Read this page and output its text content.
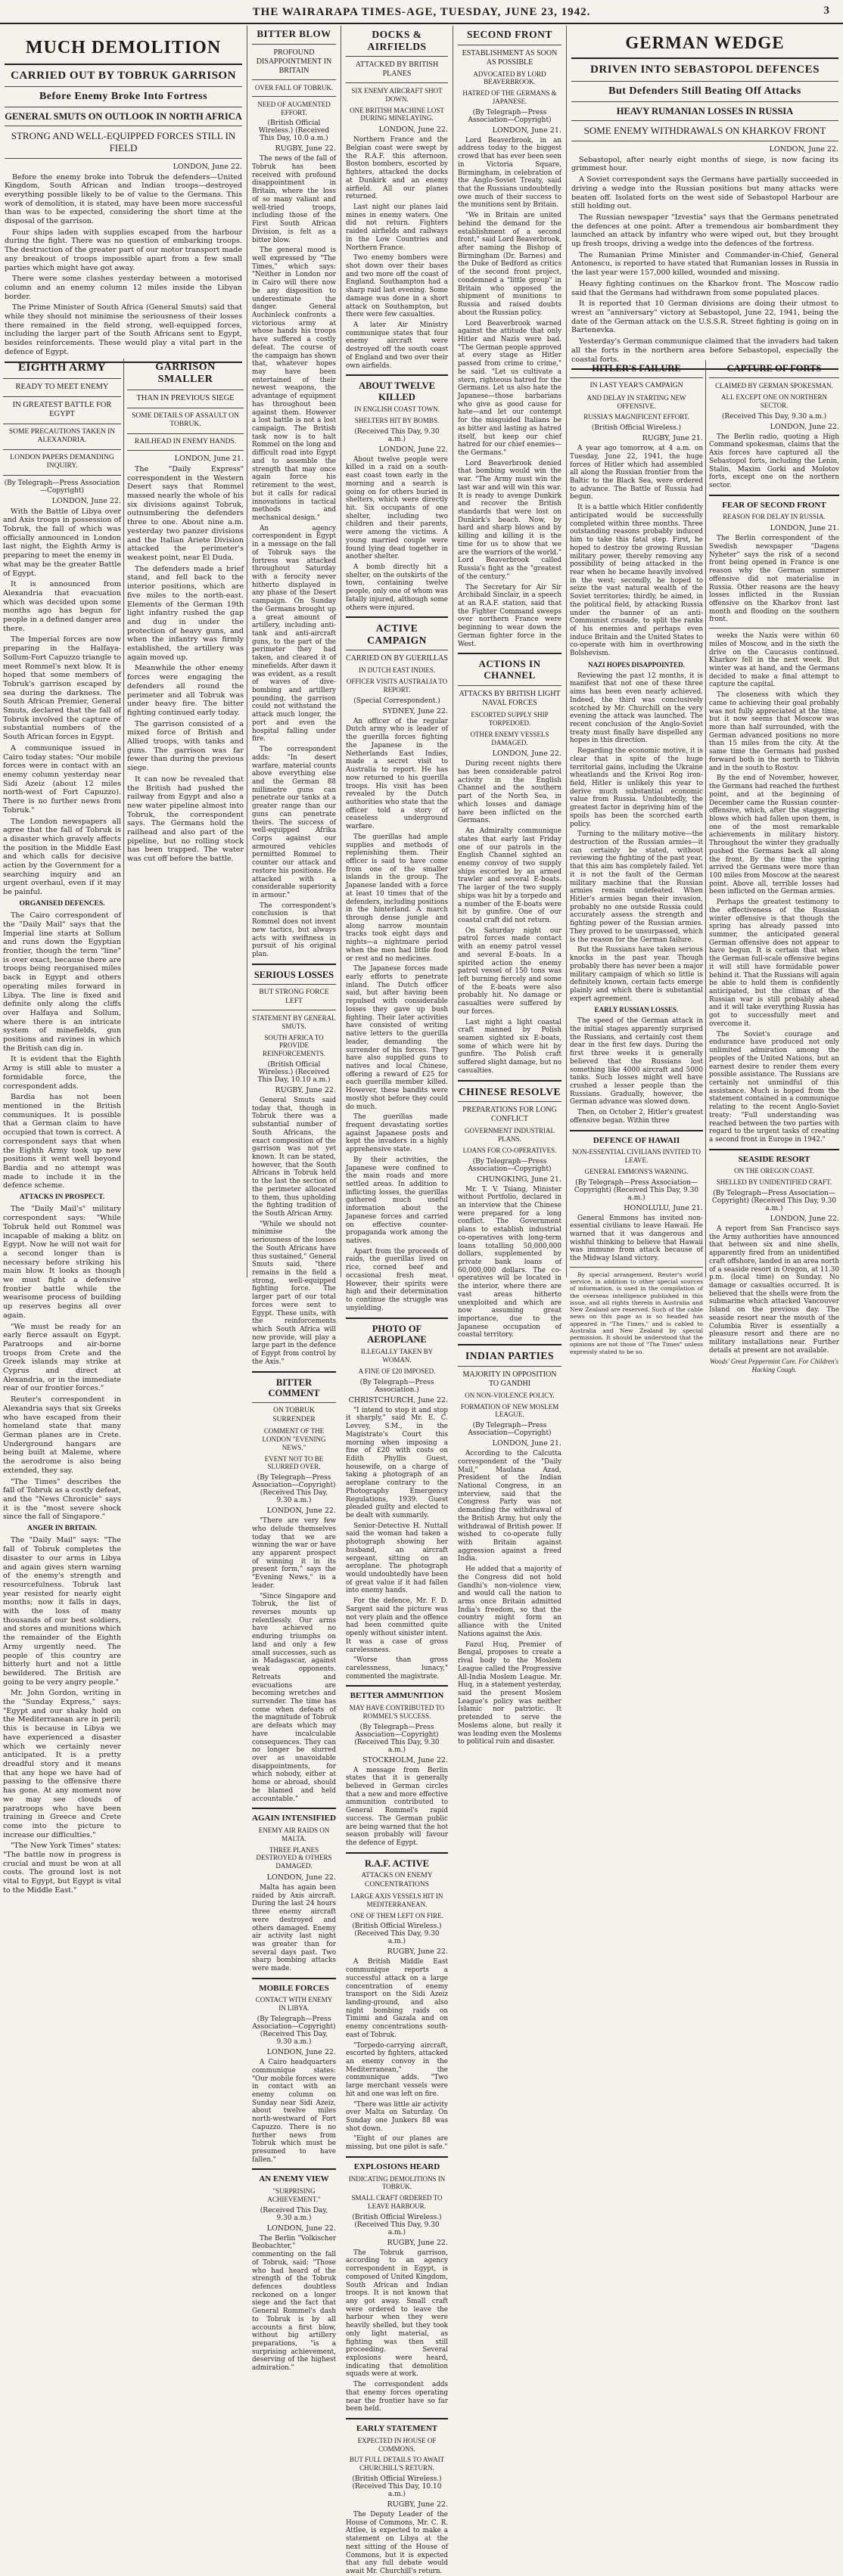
THE WAIRARAPA TIMES-AGE, TUESDAY, JUNE 23, 1942.	3
MUCH DEMOLITION
CARRIED OUT BY TOBRUK GARRISON
Before Enemy Broke Into Fortress
GENERAL SMUTS ON OUTLOOK IN NORTH AFRICA
STRONG AND WELL-EQUIPPED FORCES STILL IN FIELD
LONDON, June 22.

Before the enemy broke into Tobruk the defenders—United Kingdom, South African and Indian troops—destroyed everything possible likely to be of value to the Germans. This work of demolition, it is stated, may have been more successful than was to be expected, considering the short time at the disposal of the garrison.

Four ships laden with supplies escaped from the harbour during the fight. There was no question of embarking troops. The destruction of the greater part of our motor transport made any breakout of troops impossible apart from a few small parties which might have got away.

There were some clashes yesterday between a motorised column and an enemy column 12 miles inside the Libyan border.

The Prime Minister of South Africa (General Smuts) said that while they should not minimise the seriousness of their losses there remained in the field strong, well-equipped forces, including the larger part of the South Africans sent to Egypt, besides reinforcements. These would play a vital part in the defence of Egypt.

EIGHTH ARMY
READY TO MEET ENEMY
IN GREATEST BATTLE FOR EGYPT
SOME PRECAUTIONS TAKEN IN ALEXANDRIA.
LONDON PAPERS DEMANDING INQUIRY.
(By Telegraph—Press Association—Copyright)
LONDON, June 22.

With the Battle of Libya over and Axis troops in possession of Tobruk, the fall of which was officially announced in London last night, the Eighth Army is preparing to meet the enemy in what may be the greater Battle of Egypt.

It is announced from Alexandria that evacuation which was decided upon some months ago has begun for people in a defined danger area there.

The Imperial forces are now preparing in the Halfaya-Sollum-Fort Capuzzo triangle to meet Rommel's next blow. It is hoped that some members of Tobruk's garrison escaped by sea during the darkness. The South African Premier, General Smuts, declared that the fall of Tobruk involved the capture of substantial numbers of the South African forces in Egypt.

A communique issued in Cairo today states: "Our mobile forces were in contact with an enemy column yesterday near Sidi Azeiz (about 12 miles north-west of Fort Capuzzo). There is no further news from Tobruk."

The London newspapers all agree that the fall of Tobruk is a disaster which gravely affects the position in the Middle East and which calls for decisive action by the Government for a searching inquiry and an urgent overhaul, even if it may be painful.

ORGANISED DEFENCES.

The Cairo correspondent of the "Daily Mail" says that the Imperial line starts at Sollum and runs down the Egyptian frontier, though the term "line" is over exact, because there are troops being reorganised miles back in Egypt and others operating miles forward in Libya. The line is fixed and definite only along the cliffs over Halfaya and Sollum, where there is an intricate system of minefields, gun positions and ravines in which the British can dig in.

It is evident that the Eighth Army is still able to muster a formidable force, the correspondent adds.

Bardia has not been mentioned in the British communiques. It is possible that a German claim to have occupied that town is correct. A correspondent says that when the Eighth Army took up new positions it went well beyond Bardia and no attempt was made to include it in the defence scheme.

ATTACKS IN PROSPECT.

The "Daily Mail's" military correspondent says: "While Tobruk held out Rommel was incapable of making a blitz on Egypt. Now he will not wait for a second longer than is necessary before striking his main blow. It looks as though we must fight a defensive frontier battle while the wearisome process of building up reserves begins all over again.

"We must be ready for an early fierce assault on Egypt. Paratroops and air-borne troops from Crete and the Greek islands may strike at Cyprus and direct at Alexandria, or in the immediate rear of our frontier forces."

Reuter's correspondent in Alexandria says that six Greeks who have escaped from their homeland state that many German planes are in Crete. Underground hangars are being built at Maleme, where the aerodrome is also being extended, they say.

"The Times" describes the fall of Tobruk as a costly defeat, and the "News Chronicle" says it is the "most severe shock since the fall of Singapore."

ANGER IN BRITAIN.

The "Daily Mail" says: "The fall of Tobruk completes the disaster to our arms in Libya and again gives stern warning of the enemy's strength and resourcefulness. Tobruk last year resisted for nearly eight months; now it falls in days, with the loss of many thousands of our best soldiers, and stores and munitions which the remainder of the Eighth Army urgently need. The people of this country are bitterly hurt and not a little bewildered. The British are going to be very angry people."

Mr. John Gordon, writing in the "Sunday Express," says: "Egypt and our shaky hold on the Mediterranean are in peril; this is because in Libya we have experienced a disaster which we certainly never anticipated. It is a pretty dreadful story and it means that any hope we have had of passing to the offensive there has gone. At any moment now we may see clouds of paratroops who have been training in Greece and Crete come into the picture to increase our difficulties."

"The New York Times" states: "The battle now in progress is crucial and must be won at all costs. The ground lost is not vital to Egypt, but Egypt is vital to the Middle East."

GARRISON SMALLER
THAN IN PREVIOUS SIEGE
SOME DETAILS OF ASSAULT ON TOBRUK.
RAILHEAD IN ENEMY HANDS.
LONDON, June 21.

The "Daily Express" correspondent in the Western Desert says that Rommel massed nearly the whole of his six divisions against Tobruk, outnumbering the defenders three to one. About nine a.m. yesterday two panzer divisions and the Italian Ariete Division attacked the perimeter's weakest point, near El Duda.

The defenders made a brief stand, and fell back to the interior positions, which are five miles to the north-east. Elements of the German 19th light infantry rushed the gap and dug in under the protection of heavy guns, and when the infantry was firmly established, the artillery was again moved up.

Meanwhile the other enemy forces were engaging the defenders all round the perimeter and all Tobruk was under heavy fire. The bitter fighting continued early today.

The garrison consisted of a mixed force of British and Allied troops, with tanks and guns. The garrison was far fewer than during the previous siege.

It can now be revealed that the British had pushed the railway from Egypt and also a new water pipeline almost into Tobruk, the correspondent says. The Germans hold the railhead and also part of the pipeline, but no rolling stock has been trapped. The water was cut off before the battle.

BITTER BLOW
PROFOUND DISAPPOINTMENT IN BRITAIN
OVER FALL OF TOBRUK.
NEED OF AUGMENTED EFFORT.
(British Official Wireless.) (Received This Day, 10.0 a.m.)
RUGBY, June 22.

The news of the fall of Tobruk has been received with profound disappointment in Britain, where the loss of so many valiant and well-tried troops, including those of the First South African Division, is felt as a bitter blow.

The general mood is well expressed by "The Times," which says: "Neither in London nor in Cairo will there now be any disposition to underestimate the danger. General Auchinleck confronts a victorious army at whose hands his troops have suffered a costly defeat. The course of the campaign has shown that, whatever hopes may have been entertained of their newest weapons, the advantage of equipment has throughout been against them. However a lost battle is not a lost campaign. The British task now is to halt Rommel on the long and difficult road into Egypt and to assemble the strength that may once again force his retirement to the west, but it calls for radical innovations in tactical methods and mechanical design."

An agency correspondent in Egypt in a message on the fall of Tobruk says the fortress was attacked throughout Saturday with a ferocity never hitherto displayed in any phase of the Desert campaign. On Sunday the Germans brought up a great amount of artillery, including anti-tank and anti-aircraft guns, to the part of the perimeter they had taken, and cleared it of minefields. After dawn it was evident, as a result of waves of dive-bombing and artillery pounding, the garrison could not withstand the attack much longer, the port and even the hospital falling under fire.

The correspondent adds: "In desert warfare, material counts above everything else and the German 88 millimetre guns can penetrate our tanks at a greater range than our guns can penetrate theirs. The success of well-equipped Afrika Corps against our armoured vehicles permitted Rommel to counter our attack and restore his positions. He attacked with a considerable superiority in armour."

The correspondent's conclusion is that Rommel does not invent new tactics, but always acts with swiftness in pursuit of his original plan.

SERIOUS LOSSES
BUT STRONG FORCE LEFT
STATEMENT BY GENERAL SMUTS.
SOUTH AFRICA TO PROVIDE REINFORCEMENTS.
(British Official Wireless.) (Received This Day, 10.10 a.m.)
RUGBY, June 22.

General Smuts said today that, though in Tobruk there was a substantial number of South Africans, the exact composition of the garrison was not yet known. It can be stated, however, that the South Africans in Tobruk held to the last the section of the perimeter allocated to them, thus upholding the fighting tradition of the South African Army.

"While we should not minimise the seriousness of the losses the South Africans have thus sustained," General Smuts said, "there remains in the field a strong, well-equipped fighting force. The larger part of our total forces were sent to Egypt. These units, with the reinforcements which South Africa will now provide, will play a large part in the defence of Egypt from control by the Axis."

BITTER COMMENT
ON TOBRUK SURRENDER
COMMENT OF THE LONDON "EVENING NEWS."
EVENT NOT TO BE SLURRED OVER.
(By Telegraph—Press Association—Copyright) (Received This Day, 9.30 a.m.)
LONDON, June 22.

"There are very few who delude themselves today that we are winning the war or have any apparent prospect of winning it in its present form," says the "Evening News," in a leader.

"Since Singapore and Tobruk, the list of reverses mounts up relentlessly. Our arms have achieved no enduring triumphs on land and only a few small successes, such as in Madagascar, against weak opponents. Retreats and evacuations are becoming wretches and surrender. The time has come when defeats of the magnitude of Tobruk are defeats which may have incalculable consequences. They can no longer be slurred over as unavoidable disappointments, for which nobody, either at home or abroad, should be blamed and held accountable."

AGAIN INTENSIFIED
ENEMY AIR RAIDS ON MALTA.
THREE PLANES DESTROYED & OTHERS DAMAGED.
LONDON, June 22.

Malta has again been raided by Axis aircraft. During the last 24 hours three enemy aircraft were destroyed and others damaged. Enemy air activity last night was greater than for several days past. Two sharp bombing attacks were made.

MOBILE FORCES
CONTACT WITH ENEMY IN LIBYA.
(By Telegraph—Press Association—Copyright) (Received This Day, 9.30 a.m.)
LONDON, June 22.

A Cairo headquarters communique states: "Our mobile forces were in contact with an enemy column on Sunday near Sidi Azeiz, about twelve miles north-westward of Fort Capuzzo. There is no further news from Tobruk which must be presumed to have fallen."

AN ENEMY VIEW
"SURPRISING ACHIEVEMENT."
(Received This Day, 9.30 a.m.)
LONDON, June 22.

The Berlin "Volkischer Beobachter," commenting on the fall of Tobruk, said: "Those who had heard of the strength of the Tobruk defences doubtless reckoned on a longer siege and the fact that General Rommel's dash to Tobruk is by all accounts a first blow, without big artillery preparations, "is a surprising achievement, deserving of the highest admiration."

DOCKS & AIRFIELDS
ATTACKED BY BRITISH PLANES
SIX ENEMY AIRCRAFT SHOT DOWN.
ONE BRITISH MACHINE LOST DURING MINELAYING.
LONDON, June 22.

Northern France and the Belgian coast were swept by the R.A.F. this afternoon. Boston bombers, escorted by fighters, attacked the docks at Dunkirk and an enemy airfield. All our planes returned.

Last night our planes laid mines in enemy waters. One did not return. Fighters raided airfields and railways in the Low Countries and Northern France.

Two enemy bombers were shot down over their bases and two more off the coast of England. Southampton had a sharp raid last evening. Some damage was done in a short attack on Southampton, but there were few casualties.

A later Air Ministry communique states that four enemy aircraft were destroyed off the south coast of England and two over their own airfields.

ABOUT TWELVE KILLED
IN ENGLISH COAST TOWN.
SHELTERS HIT BY BOMBS.
(Received This Day, 9.30 a.m.)
LONDON, June 22.

About twelve people were killed in a raid on a south-east coast town early in the morning and a search is going on for others buried in shelters, which were directly hit. Six occupants of one shelter, including two children and their parents, were among the victims. A young married couple were found lying dead together in another shelter.

A bomb directly hit a shelter, on the outskirts of the town, containing twelve people, only one of whom was fatally injured, although some others were injured.

ACTIVE CAMPAIGN
CARRIED ON BY GUERILLAS
IN DUTCH EAST INDIES.
OFFICER VISITS AUSTRALIA TO REPORT.
(Special Correspondent.)
SYDNEY, June 22.

An officer of the regular Dutch army who is leader of the guerilla forces fighting the Japanese in the Netherlands East Indies, made a secret visit to Australia to report. He has now returned to his guerilla troops. His visit has been revealed by the Dutch authorities who state that the officer told a story of ceaseless underground warfare.

The guerillas had ample supplies and methods of replenishing them. Their officer is said to have come from one of the smaller islands in the group. The Japanese landed with a force at least 10 times that of the defenders, including positions in the hinterland. A march through dense jungle and along narrow mountain tracks took eight days and nights—a nightmare period when the men had little food or rest and no medicines.

The Japanese forces made early efforts to penetrate inland. The Dutch officer said, but after having been repulsed with considerable losses they gave up bush fighting. Their later activities have consisted of writing native letters to the guerilla leader, demanding the surrender of his forces. They have also supplied guns to natives and local Chinese, offering a reward of £25 for each guerilla member killed. However, these bandits were mostly shot before they could do much.

The guerillas made frequent devastating sorties against Japanese posts and kept the invaders in a highly apprehensive state.

By their activities, the Japanese were confined to the main roads and more settled areas. In addition to inflicting losses, the guerillas gathered much useful information about the Japanese forces and carried on effective counter-propaganda work among the natives.

Apart from the proceeds of raids, the guerillas lived on rice, corned beef and occasional fresh meat. However, their spirits were high and their determination to continue the struggle was unyielding.

PHOTO OF AEROPLANE
ILLEGALLY TAKEN BY WOMAN.
A FINE OF £20 IMPOSED.
(By Telegraph—Press Association.)
CHRISTCHURCH, June 22.

"I intend to stop it and stop it sharply," said Mr. E. C. Levvey, S.M., in the Magistrate's Court this morning when imposing a fine of £20 with costs on Edith Phyllis Guest, housewife, on a charge of taking a photograph of an aeroplane contrary to the Photography Emergency Regulations, 1939. Guest pleaded guilty and elected to be dealt with summarily.

Senior-Detective H. Nuttall said the woman had taken a photograph showing her husband, an aircraft sergeant, sitting on an aeroplane. The photograph would undoubtedly have been of great value if it had fallen into enemy hands.

For the defence, Mr. F. D. Sargent said the picture was not very plain and the offence had been committed quite openly without sinister intent. It was a case of gross carelessness.

"Worse than gross carelessness, lunacy," commented the magistrate.

BETTER AMMUNITION
MAY HAVE CONTRIBUTED TO ROMMEL'S SUCCESS.
(By Telegraph—Press Association—Copyright) (Received This Day, 9.30 a.m.)
STOCKHOLM, June 22.

A message from Berlin states that it is generally believed in German circles that a new and more effective ammunition contributed to General Rommel's rapid success. The German public are being warned that the hot season probably will favour the defence of Egypt.

R.A.F. ACTIVE
ATTACKS ON ENEMY CONCENTRATIONS
LARGE AXIS VESSELS HIT IN MEDITERRANEAN.
ONE OF THEM LEFT ON FIRE.
(British Official Wireless.) (Received This Day, 9.30 a.m.)
RUGBY, June 22.

A British Middle East communique reports a successful attack on a large concentration of enemy transport on the Sidi Azeiz landing-ground, and also night bombing raids on Timimi and Gazala and on enemy concentrations south-east of Tobruk.

"Torpedo-carrying aircraft, escorted by fighters, attacked an enemy convoy in the Mediterranean," the communique adds. "Two large merchant vessels were hit and one was left on fire.

"There was little air activity over Malta on Saturday. On Sunday one Junkers 88 was shot down.

"Eight of our planes are missing, but one pilot is safe."

EXPLOSIONS HEARD
INDICATING DEMOLITIONS IN TOBRUK.
SMALL CRAFT ORDERED TO LEAVE HARBOUR.
(British Official Wireless.) (Received This Day, 9.30 a.m.)
RUGBY, June 22.

The Tobruk garrison, according to an agency correspondent in Egypt, is composed of United Kingdom, South African and Indian troops. It is not known that any got away. Small craft were ordered to leave the harbour when they were heavily shelled, but they took only light material, as fighting was then still proceeding. Several explosions were heard, indicating that demolition squads were at work.

The correspondent adds that enemy forces operating near the frontier have so far been held.

EARLY STATEMENT
EXPECTED IN HOUSE OF COMMONS.
BUT FULL DETAILS TO AWAIT CHURCHILL'S RETURN.
(British Official Wireless.) (Received This Day, 10.10 a.m.)
RUGBY, June 22.

The Deputy Leader of the House of Commons, Mr. C. R. Attlee, is expected to make a statement on Libya at the next sitting of the House of Commons, but it is expected that any full debate would await Mr. Churchill's return.

SECOND FRONT
ESTABLISHMENT AS SOON AS POSSIBLE
ADVOCATED BY LORD BEAVERBROOK.
HATRED OF THE GERMANS & JAPANESE.
(By Telegraph—Press Association—Copyright)
LONDON, June 21.

Lord Beaverbrook, in an address today to the biggest crowd that has ever been seen in Victoria Square, Birmingham, in celebration of the Anglo-Soviet Treaty, said that the Russians undoubtedly owe much of their success to the munitions sent by Britain.

"We in Britain are united behind the demand for the establishment of a second front," said Lord Beaverbrook, after naming the Bishop of Birmingham (Dr. Barnes) and the Duke of Bedford as critics of the second front project, condemned a "little group" in Britain who opposed the shipment of munitions to Russia and raised doubts about the Russian policy.

Lord Beaverbrook warned against the attitude that only Hitler and Nazis were bad. "The German people approved at every stage as Hitler passed from crime to crime," he said. "Let us cultivate a stern, righteous hatred for the Germans. Let us also hate the Japanese—those barbarians who give as good cause for hate—and let our contempt for the misguided Italians be as bitter and lasting as hatred itself, but keep our chief hatred for our chief enemies—the Germans."

Lord Beaverbrook denied that bombing would win the war. "The Army must win the last war and will win this war. It is ready to avenge Dunkirk and recover the British standards that were lost on Dunkirk's beach. Now, by hard and sharp blows and by killing and killing it is the time for us to show that we are the warriors of the world." Lord Beaverbrook called Russia's fight as the "greatest of the century."

The Secretary for Air Sir Archibald Sinclair, in a speech at an R.A.F. station, said that the Fighter Command sweeps over northern France were beginning to wear down the German fighter force in the West.

ACTIONS IN CHANNEL
ATTACKS BY BRITISH LIGHT NAVAL FORCES
ESCORTED SUPPLY SHIP TORPEDOED.
OTHER ENEMY VESSELS DAMAGED.
LONDON, June 22.

During recent nights there has been considerable patrol activity in the English Channel and the southern part of the North Sea, in which losses and damage have been inflicted on the Germans.

An Admiralty communique states that early last Friday one of our patrols in the English Channel sighted an enemy convoy of two supply ships escorted by an armed trawler and several E-boats. The larger of the two supply ships was hit by a torpedo and a number of the E-boats were hit by gunfire. One of our coastal craft did not return.

On Saturday night our patrol forces made contact with an enemy patrol vessel and several E-boats. In a spirited action the enemy patrol vessel of 150 tons was left burning fiercely and some of the E-boats were also probably hit. No damage or casualties were suffered by our forces.

Last night a light coastal craft manned by Polish seamen sighted six E-boats, some of which were hit by gunfire. The Polish craft suffered slight damage, but no casualties.

CHINESE RESOLVE
PREPARATIONS FOR LONG CONFLICT
GOVERNMENT INDUSTRIAL PLANS.
LOANS FOR CO-OPERATIVES.
(By Telegraph—Press Association—Copyright)
CHUNGKING, June 21.

Mr. T. V. Tsiang, Minister without Portfolio, declared in an interview that the Chinese were prepared for a long conflict. The Government plans to establish industrial co-operatives with long-term loans totalling 50,000,000 dollars, supplemented by private bank loans of 60,000,000 dollars. The co-operatives will be located in the interior, where there are vast areas hitherto unexploited and which are now assuming great importance, due to the Japanese occupation of coastal territory.

INDIAN PARTIES
MAJORITY IN OPPOSITION TO GANDHI
ON NON-VIOLENCE POLICY.
FORMATION OF NEW MOSLEM LEAGUE.
(By Telegraph—Press Association—Copyright)
LONDON, June 21.

According to the Calcutta correspondent of the "Daily Mail," Maulana Azad, President of the Indian National Congress, in an interview, said that the Congress Party was not demanding the withdrawal of the British Army, but only the withdrawal of British power. If wished to co-operate fully with Britain against aggression against a freed India.

He added that a majority of the Congress did not hold Gandhi's non-violence view, and would call the nation to arms once Britain admitted India's freedom, so that the country might form an alliance with the United Nations against the Axis.

Fazul Huq, Premier of Bengal, proposes to create a rival body to the Moslem League called the Progressive All-India Moslem League. Mr. Huq, in a statement yesterday, said the present Moslem League's policy was neither Islamic nor patriotic. It pretended to serve the Moslems alone, but really it was leading even the Moslems to political ruin and disaster.

GERMAN WEDGE
DRIVEN INTO SEBASTOPOL DEFENCES
But Defenders Still Beating Off Attacks
HEAVY RUMANIAN LOSSES IN RUSSIA
SOME ENEMY WITHDRAWALS ON KHARKOV FRONT
LONDON, June 22.

Sebastopol, after nearly eight months of siege, is now facing its grimmest hour.

A Soviet correspondent says the Germans have partially succeeded in driving a wedge into the Russian positions but many attacks were beaten off. Isolated forts on the west side of Sebastopol Harbour are still holding out.

The Russian newspaper "Izvestia" says that the Germans penetrated the defences at one point. After a tremendous air bombardment they launched an attack by infantry who were wiped out, but they brought up fresh troops, driving a wedge into the defences of the fortress.

The Rumanian Prime Minister and Commander-in-Chief, General Antonescu, is reported to have stated that Rumanian losses in Russia in the last year were 157,000 killed, wounded and missing.

Heavy fighting continues on the Kharkov front. The Moscow radio said that the Germans had withdrawn from some populated places.

It is reported that 10 German divisions are doing their utmost to wrest an "anniversary" victory at Sebastopol, June 22, 1941, being the date of the German attack on the U.S.S.R. Street fighting is going on in Bartenevka.

Yesterday's German communique claimed that the invaders had taken all the forts in the northern area before Sebastopol, especially the coastal forts.

HITLER'S FAILURE
IN LAST YEAR'S CAMPAIGN
AND DELAY IN STARTING NEW OFFENSIVE.
RUSSIA'S MAGNIFICENT EFFORT.
(British Official Wireless.)
RUGBY, June 21.

A year ago tomorrow, at 4 a.m. on Tuesday, June 22, 1941, the huge forces of Hitler which had assembled all along the Russian frontier from the Baltic to the Black Sea, were ordered to advance. The Battle of Russia had begun.

It is a battle which Hitler confidently anticipated would be successfully completed within three months. Three outstanding reasons probably induced him to take this fatal step. First, he hoped to destroy the growing Russian military power, thereby removing any possibility of being attacked in the rear when he became heavily involved in the west; secondly, he hoped to seize the vast natural wealth of the Soviet territories; thirdly, he aimed, in the political field, by attacking Russia under the banner of an anti-Communist crusade, to split the ranks of his enemies and perhaps even induce Britain and the United States to co-operate with him in overthrowing Bolshevism.

NAZI HOPES DISAPPOINTED.

Reviewing the past 12 months, it is manifest that not one of these three aims has been even nearly achieved. Indeed, the third was conclusively scotched by Mr. Churchill on the very evening the attack was launched. The recent conclusion of the Anglo-Soviet treaty must finally have dispelled any hopes in this direction.

Regarding the economic motive, it is clear that in spite of the huge territorial gains, including the Ukraine wheatlands and the Krivoi Rog iron-field, Hitler is unlikely this year to derive much substantial economic value from Russia. Undoubtedly, the greatest factor in depriving him of the spoils has been the scorched earth policy.

Turning to the military motive—the destruction of the Russian armies—it can certainly be stated, without reviewing the fighting of the past year, that this aim has completely failed. Yet it is not the fault of the German military machine that the Russian armies remain undefeated. When Hitler's armies began their invasion, probably no one outside Russia could accurately assess the strength and fighting power of the Russian armies. They proved to be unsurpassed, which is the reason for the German failure.

But the Russians have taken serious knocks in the past year. Though probably there has never been a major military campaign of which so little is definitely known, certain facts emerge plainly and which there is substantial expert agreement.

EARLY RUSSIAN LOSSES.

The speed of the German attack in the initial stages apparently surprised the Russians, and certainly cost them dear in the first few days. During the first three weeks it is generally believed that the Russians lost something like 4000 aircraft and 5000 tanks. Such losses might well have crushed a lesser people than the Russians. Gradually, however, the German advance was slowed down.

Then, on October 2, Hitler's greatest offensive began. Within three

DEFENCE OF HAWAII
NON-ESSENTIAL CIVILIANS INVITED TO LEAVE.
GENERAL EMMONS'S WARNING.
(By Telegraph—Press Association—Copyright) (Received This Day, 9.30 a.m.)
HONOLULU, June 21.

General Emmons has invited non-essential civilians to leave Hawaii. He warned that it was dangerous and wishful thinking to believe that Hawaii was immune from attack because of the Midway Island victory.

By special arrangement, Reuter's world service, in addition to other special sources of information, is used in the compilation of the overseas intelligence published in this issue, and all rights therein in Australia and New Zealand are reserved. Such of the cable news on this page as is so headed has appeared in "The Times," and is cabled to Australia and New Zealand by special permission. It should be understood that the opinions are not those of "The Times" unless expressly stated to be so.

CAPTURE OF FORTS
CLAIMED BY GERMAN SPOKESMAN.
ALL EXCEPT ONE ON NORTHERN SECTOR.
(Received This Day, 9.30 a.m.)
LONDON, June 22.

The Berlin radio, quoting a High Command spokesman, claims that the Axis forces have captured all the Sebastopol forts, including the Lenin, Stalin, Maxim Gorki and Molotov forts, except one on the northern sector.

FEAR OF SECOND FRONT
REASON FOR DELAY IN RUSSIA.
LONDON, June 21.

The Berlin correspondent of the Swedish newspaper "Dagens Nyheter" says the risk of a second front being opened in France is one reason why the German summer offensive did not materialise in Russia. Other reasons are the heavy losses inflicted in the Russian offensive on the Kharkov front last month and flooding on the southern front.

weeks the Nazis were within 60 miles of Moscow, and in the sixth the drive on the Caucasus continued. Kharkov fell in the next week. But winter was at hand, and the Germans decided to make a final attempt to capture the capital.

The closeness with which they came to achieving their goal probably was not fully appreciated at the time, but it now seems that Moscow was more than half surrounded, with the German advanced positions no more than 15 miles from the city. At the same time the Germans had pushed forward both in the north to Tikhvin and in the south to Rostov.

By the end of November, however, the Germans had reached the furthest point, and at the beginning of December came the Russian counter-offensive, which, after the staggering blows which had fallen upon them, is one of the most remarkable achievements in military history. Throughout the winter they gradually pushed the Germans back all along the front. By the time the spring arrived the Germans were more than 100 miles from Moscow at the nearest point. Above all, terrible losses had been inflicted on the German armies.

Perhaps the greatest testimony to the effectiveness of the Russian winter offensive is that though the spring has already passed into summer, the anticipated general German offensive does not appear to have begun. It is certain that when the German full-scale offensive begins it will still have formidable power behind it. That the Russians will again be able to hold them is confidently anticipated, but the climax of the Russian war is still probably ahead and it will take everything Russia has got to successfully meet and overcome it.

The Soviet's courage and endurance have produced not only unlimited admiration among the peoples of the United Nations, but an earnest desire to render them every possible assistance. The Russians are certainly not unmindful of this assistance. Much is hoped from the statement contained in a communique relating to the recent Anglo-Soviet treaty: "Full understanding was reached between the two parties with regard to the urgent tasks of creating a second front in Europe in 1942."

SEASIDE RESORT
ON THE OREGON COAST.
SHELLED BY UNIDENTIFIED CRAFT.
(By Telegraph—Press Association—Copyright) (Received This Day, 9.30 a.m.)
LONDON, June 22.

A report from San Francisco says the Army authorities have announced that between six and nine shells, apparently fired from an unidentified craft offshore, landed in an area north of a seaside resort in Oregon, at 11.30 p.m. (local time) on Sunday. No damage or casualties occurred. It is believed that the shells were from the submarine which attacked Vancouver Island on the previous day. The seaside resort near the mouth of the Columbia River is essentially a pleasure resort and there are no military installations near. Further details at present are not available.

Woods' Great Peppermint Cure. For Children's Hacking Cough.
